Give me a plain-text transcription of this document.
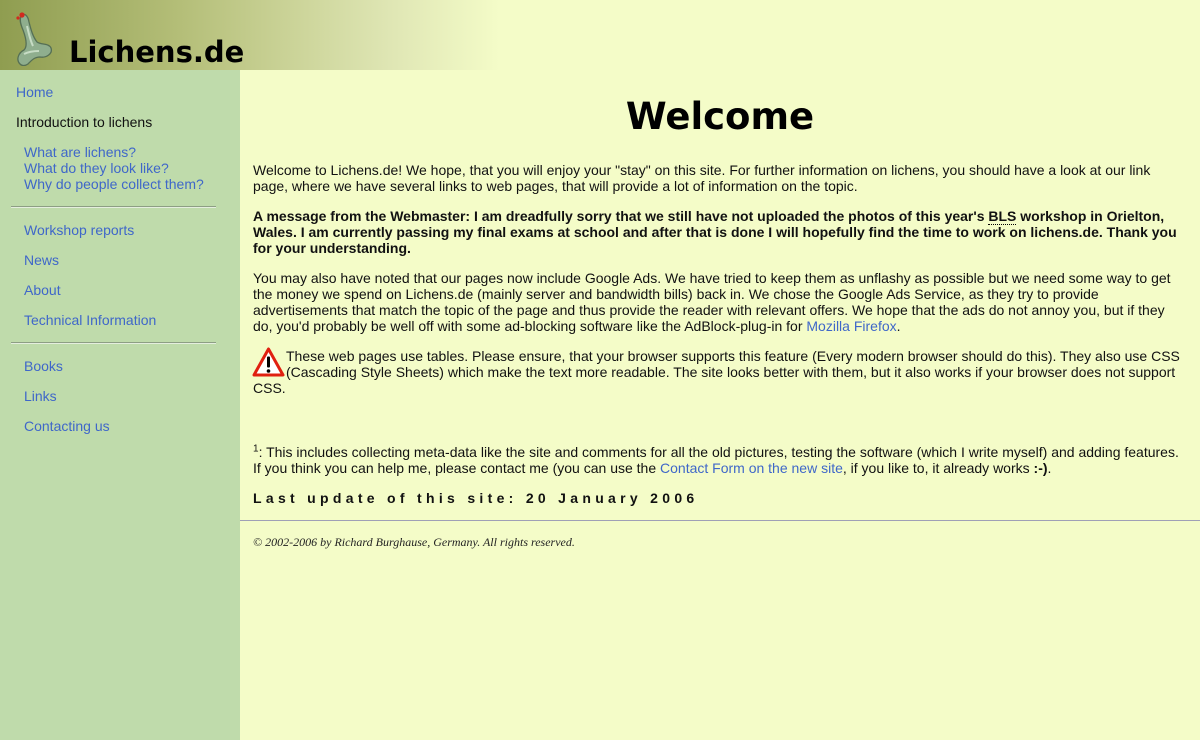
Lichens.de
Home
Introduction to lichens
What are lichens?
What do they look like?
Why do people collect them?
Workshop reports
News
About
Technical Information
Books
Links
Contacting us
Welcome

Welcome to Lichens.de! We hope, that you will enjoy your "stay" on this site. For further information on lichens, you should have a look at our link page, where we have several links to web pages, that will provide a lot of information on the topic.

A message from the Webmaster: I am dreadfully sorry that we still have not uploaded the photos of this year's BLS workshop in Orielton, Wales. I am currently passing my final exams at school and after that is done I will hopefully find the time to work on lichens.de. Thank you for your understanding.

You may also have noted that our pages now include Google Ads. We have tried to keep them as unflashy as possible but we need some way to get the money we spend on Lichens.de (mainly server and bandwidth bills) back in. We chose the Google Ads Service, as they try to provide advertisements that match the topic of the page and thus provide the reader with relevant offers. We hope that the ads do not annoy you, but if they do, you'd probably be well off with some ad-blocking software like the AdBlock-plug-in for Mozilla Firefox.

These web pages use tables. Please ensure, that your browser supports this feature (Every modern browser should do this). They also use CSS (Cascading Style Sheets) which make the text more readable. The site looks better with them, but it also works if your browser does not support CSS.

$^1$: This includes collecting meta-data like the site and comments for all the old pictures, testing the software (which I write myself) and adding features. If you think you can help me, please contact me (you can use the Contact Form on the new site, if you like to, it already works :-).

Last update of this site: 20 January 2006
© 2002-2006 by Richard Burghause, Germany. All rights reserved.
